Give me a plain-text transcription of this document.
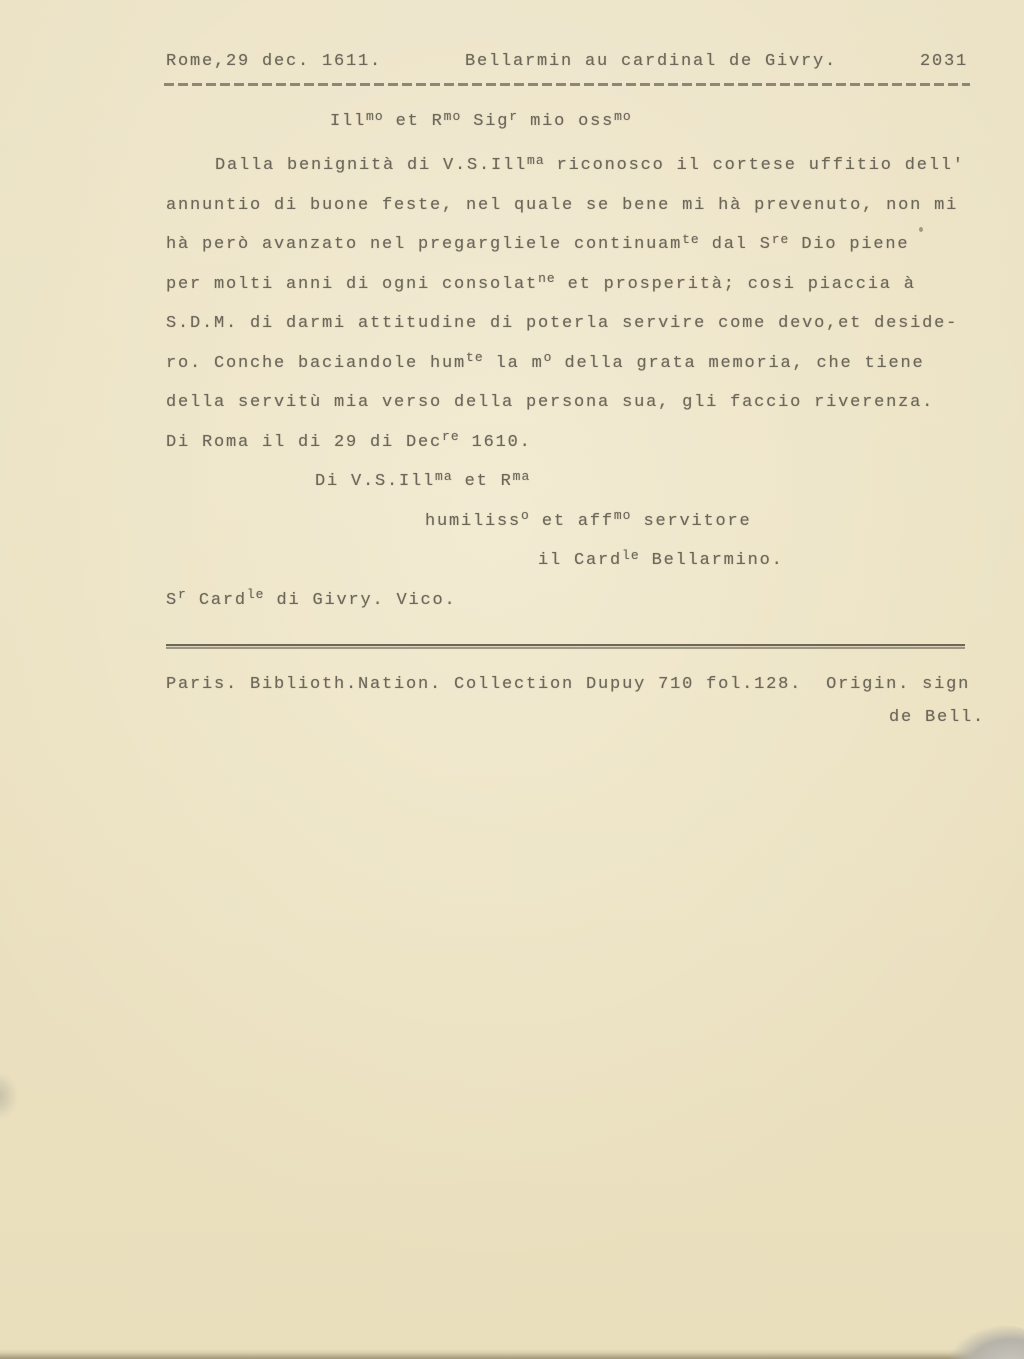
Rome,29 dec. 1611.	Bellarmin au cardinal de Givry.	2031
Ill$^{mo}$ et $R^{mo}$ Sig$^r$ mio oss$^{mo}$
Dalla benignità di V.S.Ill$^{ma}$ riconosco il cortese uffitio dell'
annuntio di buone feste, nel quale se bene mi hà prevenuto, non mi
hà però avanzato nel pregargliele continuam$^{te}$ dal $S^{re}$ Dio piene
per molti anni di ogni consolat$^{ne}$ et prosperità; cosi piaccia à
S.D.M. di darmi attitudine di poterla servire come devo,et deside-
ro. Conche baciandole hum$^{te}$ la $m^o$ della grata memoria, che tiene
della servitù mia verso della persona sua, gli faccio riverenza.
Di Roma il di 29 di Dec$^{re}$ 1610.
Di V.S.Ill$^{ma}$ et $R^{ma}$
humiliss$^o$ et aff$^{mo}$ servitore
il Card$^{le}$ Bellarmino.
$S^r$ Card$^{le}$ di Givry. Vico.
Paris. Biblioth.Nation. Collection Dupuy 710 fol.128.  Origin. sign
de Bell.
